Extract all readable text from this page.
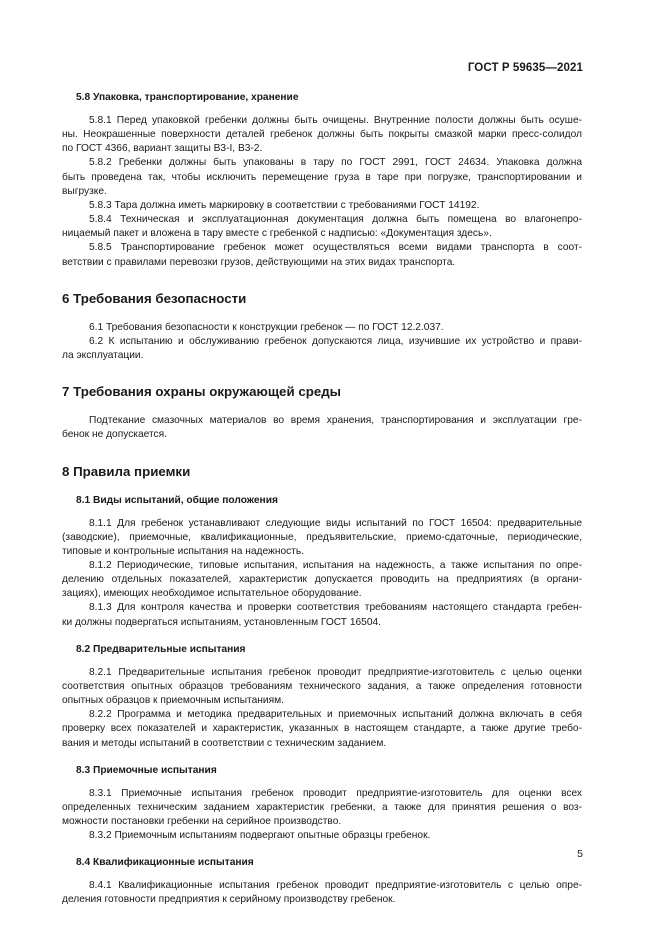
ГОСТ Р 59635—2021
5.8 Упаковка, транспортирование, хранение
5.8.1 Перед упаковкой гребенки должны быть очищены. Внутренние полости должны быть осуше-
ны. Неокрашенные поверхности деталей гребенок должны быть покрыты смазкой марки пресс-солидол
по ГОСТ 4366, вариант защиты В3-I, В3-2.
5.8.2 Гребенки должны быть упакованы в тару по ГОСТ 2991, ГОСТ 24634. Упаковка должна
быть проведена так, чтобы исключить перемещение груза в таре при погрузке, транспортировании и
выгрузке.
5.8.3 Тара должна иметь маркировку в соответствии с требованиями ГОСТ 14192.
5.8.4 Техническая и эксплуатационная документация должна быть помещена во влагонепро-
ницаемый пакет и вложена в тару вместе с гребенкой с надписью: «Документация здесь».
5.8.5 Транспортирование гребенок может осуществляться всеми видами транспорта в соот-
ветствии с правилами перевозки грузов, действующими на этих видах транспорта.
6 Требования безопасности
6.1 Требования безопасности к конструкции гребенок — по ГОСТ 12.2.037.
6.2 К испытанию и обслуживанию гребенок допускаются лица, изучившие их устройство и прави-
ла эксплуатации.
7 Требования охраны окружающей среды
Подтекание смазочных материалов во время хранения, транспортирования и эксплуатации гре-
бенок не допускается.
8 Правила приемки
8.1 Виды испытаний, общие положения
8.1.1 Для гребенок устанавливают следующие виды испытаний по ГОСТ 16504: предварительные
(заводские), приемочные, квалификационные, предъявительские, приемо-сдаточные, периодические,
типовые и контрольные испытания на надежность.
8.1.2 Периодические, типовые испытания, испытания на надежность, а также испытания по опре-
делению отдельных показателей, характеристик допускается проводить на предприятиях (в органи-
зациях), имеющих необходимое испытательное оборудование.
8.1.3 Для контроля качества и проверки соответствия требованиям настоящего стандарта гребен-
ки должны подвергаться испытаниям, установленным ГОСТ 16504.
8.2 Предварительные испытания
8.2.1 Предварительные испытания гребенок проводит предприятие-изготовитель с целью оценки
соответствия опытных образцов требованиям технического задания, а также определения готовности
опытных образцов к приемочным испытаниям.
8.2.2 Программа и методика предварительных и приемочных испытаний должна включать в себя
проверку всех показателей и характеристик, указанных в настоящем стандарте, а также другие требо-
вания и методы испытаний в соответствии с техническим заданием.
8.3 Приемочные испытания
8.3.1 Приемочные испытания гребенок проводит предприятие-изготовитель для оценки всех
определенных техническим заданием характеристик гребенки, а также для принятия решения о воз-
можности постановки гребенки на серийное производство.
8.3.2 Приемочным испытаниям подвергают опытные образцы гребенок.
8.4 Квалификационные испытания
8.4.1 Квалификационные испытания гребенок проводит предприятие-изготовитель с целью опре-
деления готовности предприятия к серийному производству гребенок.
5
